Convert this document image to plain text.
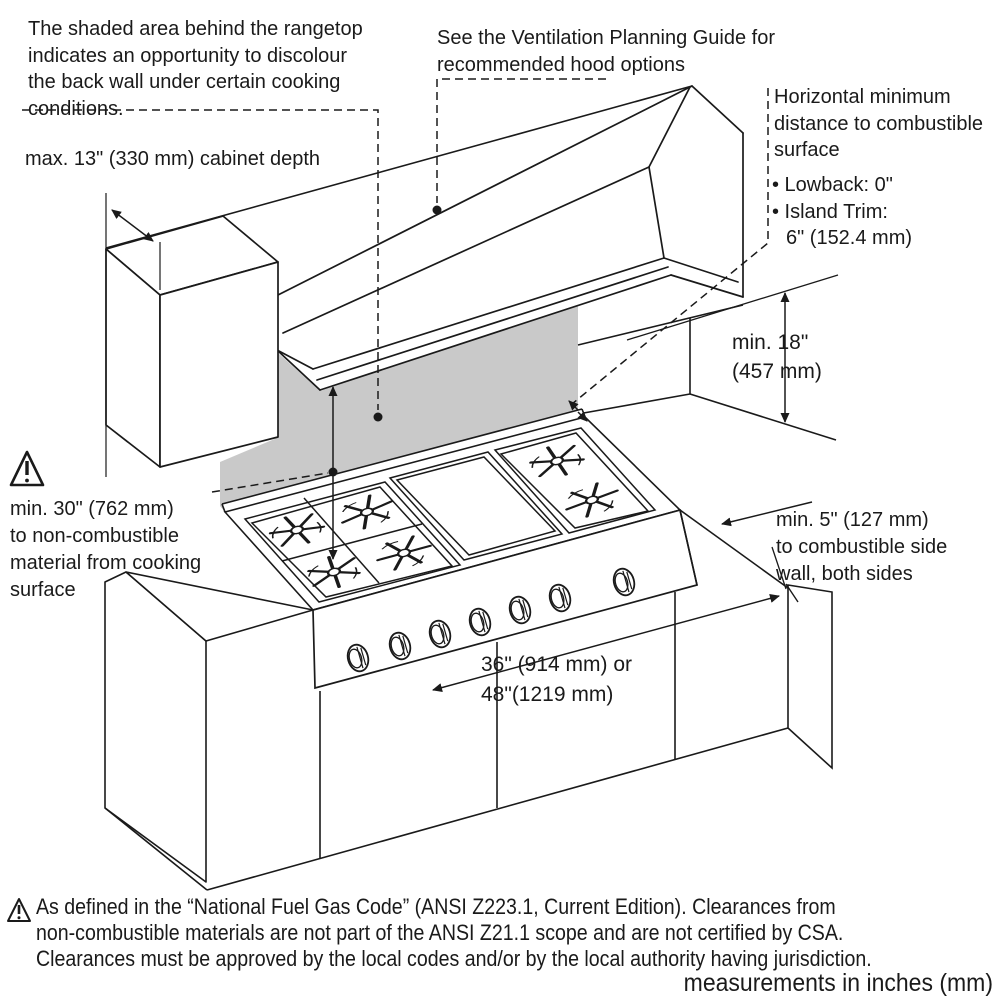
The shaded area behind the rangetop
indicates an opportunity to discolour
the back wall under certain cooking
conditions.
max. 13" (330 mm) cabinet depth
See the Ventilation Planning Guide for
recommended hood options
Horizontal minimum
distance to combustible
surface
• Lowback: 0"
• Island Trim:
6" (152.4 mm)
min. 18"
(457 mm)
min. 5" (127 mm)
to combustible side
wall, both sides
36" (914 mm) or
48"(1219 mm)
min. 30" (762 mm)
to non-combustible
material from cooking
surface
As defined in the “National Fuel Gas Code” (ANSI Z223.1, Current Edition). Clearances from
non-combustible materials are not part of the ANSI Z21.1 scope and are not certified by CSA.
Clearances must be approved by the local codes and/or by the local authority having jurisdiction.
measurements in inches (mm)
